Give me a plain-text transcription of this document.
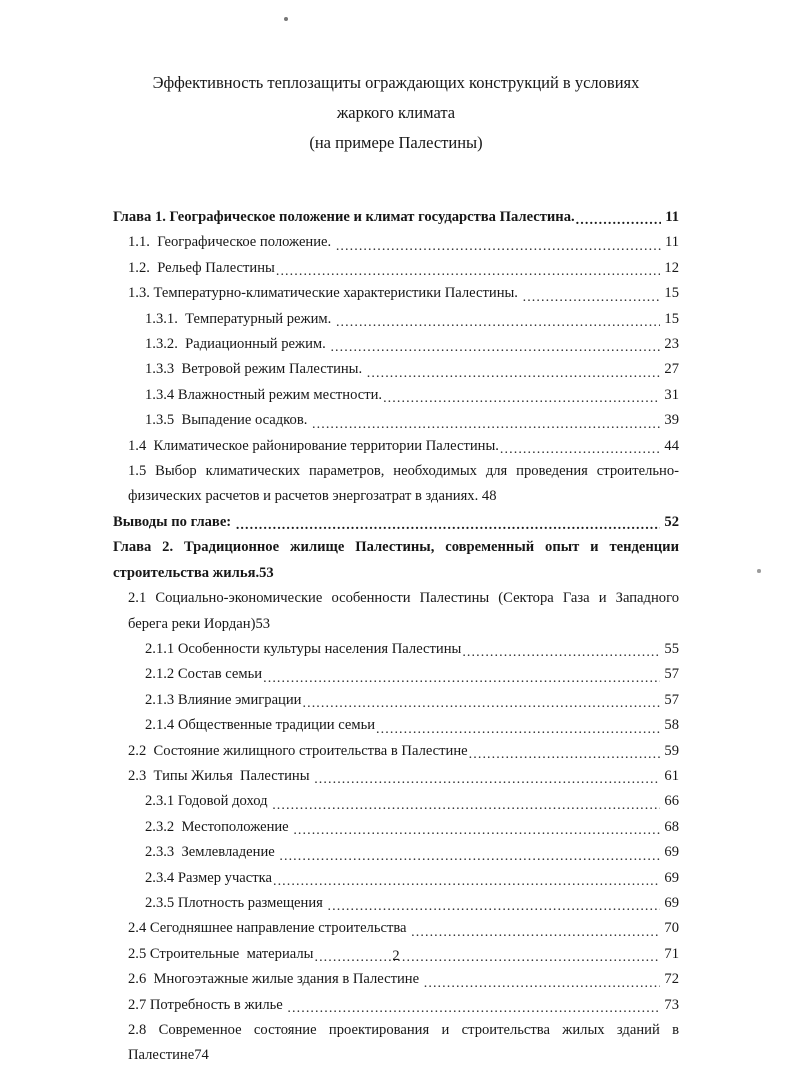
Эффективность теплозащиты ограждающих конструкций в условиях
жаркого климата
(на примере Палестины)
Глава 1. Географическое положение и климат государства Палестина. .....	11
1.1.  Географическое положение. .....	11
1.2.  Рельеф Палестины .....	12
1.3. Температурно-климатические характеристики Палестины. .....	15
1.3.1.  Температурный режим. .....	15
1.3.2.  Радиационный режим. .....	23
1.3.3  Ветровой режим Палестины. .....	27
1.3.4 Влажностный режим местности. .....	31
1.3.5  Выпадение осадков. .....	39
1.4  Климатическое районирование территории Палестины. .....	44
1.5 Выбор климатических параметров, необходимых для проведения строительно-физических расчетов и расчетов энергозатрат в зданиях. 48
Выводы по главе: .....	52
Глава 2. Традиционное жилище Палестины, современный опыт и тенденции строительства жилья.53
2.1 Социально-экономические особенности Палестины (Сектора Газа и Западного берега реки Иордан)53
2.1.1 Особенности культуры населения Палестины .....	55
2.1.2 Состав семьи .....	57
2.1.3 Влияние эмиграции .....	57
2.1.4 Общественные традиции семьи .....	58
2.2  Состояние жилищного строительства в Палестине .....	59
2.3  Типы Жилья  Палестины .....	61
2.3.1 Годовой доход .....	66
2.3.2  Местоположение .....	68
2.3.3  Землевладение .....	69
2.3.4 Размер участка .....	69
2.3.5 Плотность размещения .....	69
2.4 Сегодняшнее направление строительства .....	70
2.5 Строительные  материалы .....	71
2.6  Многоэтажные жилые здания в Палестине .....	72
2.7 Потребность в жилье .....	73
2.8 Современное состояние проектирования и строительства жилых зданий в Палестине74
2
